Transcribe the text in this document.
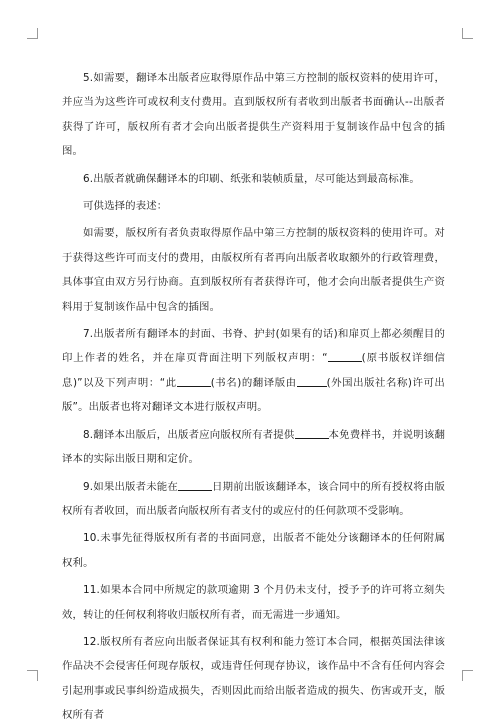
5.如需要，翻译本出版者应取得原作品中第三方控制的版权资料的使用许可，并应当为这些许可或权利支付费用。直到版权所有者收到出版者书面确认--出版者获得了许可，版权所有者才会向出版者提供生产资料用于复制该作品中包含的插图。

6.出版者就确保翻译本的印刷、纸张和装帧质量，尽可能达到最高标准。

可供选择的表述：

如需要，版权所有者负责取得原作品中第三方控制的版权资料的使用许可。对于获得这些许可而支付的费用，由版权所有者再向出版者收取额外的行政管理费，具体事宜由双方另行协商。直到版权所有者获得许可，他才会向出版者提供生产资料用于复制该作品中包含的插图。

7.出版者所有翻译本的封面、书脊、护封(如果有的话)和扉页上都必须醒目的印上作者的姓名，并在扉页背面注明下列版权声明：“	(原书版权详细信息)”以及下列声明：“此	(书名)的翻译版由	(外国出版社名称)许可出版”。出版者也将对翻译文本进行版权声明。

8.翻译本出版后，出版者应向版权所有者提供	本免费样书，并说明该翻译本的实际出版日期和定价。

9.如果出版者未能在	日期前出版该翻译本，该合同中的所有授权将由版权所有者收回，而出版者向版权所有者支付的或应付的任何款项不受影响。

10.未事先征得版权所有者的书面同意，出版者不能处分该翻译本的任何附属权利。

11.如果本合同中所规定的款项逾期 3 个月仍未支付，授予予的许可将立刻失效，转让的任何权利将收归版权所有者，而无需进一步通知。

12.版权所有者应向出版者保证其有权利和能力签订本合同，根据英国法律该作品决不会侵害任何现存版权，或违背任何现存协议，该作品中不含有任何内容会引起刑事或民事纠纷造成损失，否则因此而给出版者造成的损失、伤害或开支，版权所有者
